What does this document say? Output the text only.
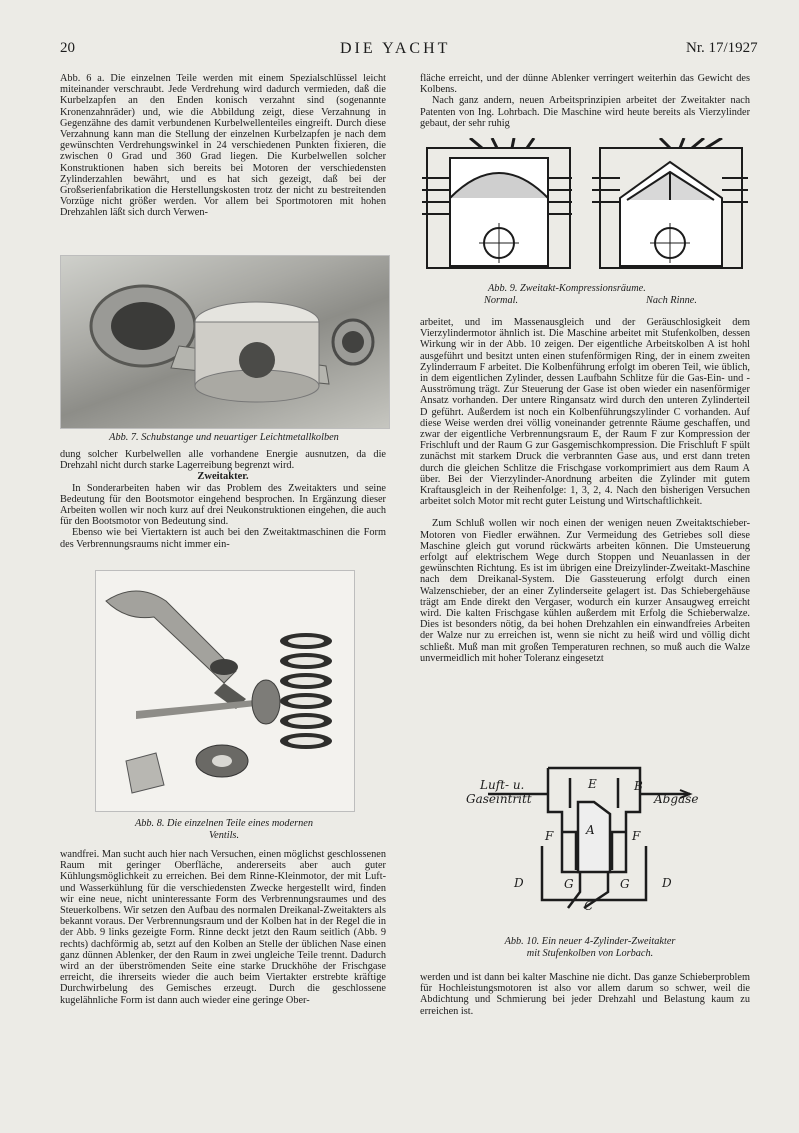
20	DIE YACHT	Nr. 17/1927

Abb. 6 a. Die einzelnen Teile werden mit einem Spezialschlüssel leicht miteinander verschraubt. Jede Verdrehung wird dadurch vermieden, daß die Kurbelzapfen an den Enden konisch verzahnt sind (sogenannte Kronenzahnräder) und, wie die Abbildung zeigt, diese Verzahnung in Gegenzähne des damit verbundenen Kurbelwellenteiles eingreift. Durch diese Verzahnung kann man die Stellung der einzelnen Kurbelzapfen je nach dem gewünschten Verdrehungswinkel in 24 verschiedenen Punkten fixieren, die zwischen 0 Grad und 360 Grad liegen. Die Kurbelwellen solcher Konstruktionen haben sich bereits bei Motoren der verschiedensten Zylinderzahlen bewährt, und es hat sich gezeigt, daß bei der Großserienfabrikation die Herstellungskosten trotz der nicht zu bestreitenden Vorzüge nicht größer werden. Vor allem bei Sportmotoren mit hohen Drehzahlen läßt sich durch Verwen-

Abb. 7. Schubstange und neuartiger Leichtmetallkolben

dung solcher Kurbelwellen alle vorhandene Energie ausnutzen, da die Drehzahl nicht durch starke Lagerreibung begrenzt wird.

Zweitakter.

In Sonderarbeiten haben wir das Problem des Zweitakters und seine Bedeutung für den Bootsmotor eingehend besprochen. In Ergänzung dieser Arbeiten wollen wir noch kurz auf drei Neukonstruktionen eingehen, die auch für den Bootsmotor von Bedeutung sind.

Ebenso wie bei Viertaktern ist auch bei den Zweitaktmaschinen die Form des Verbrennungsraums nicht immer ein-

Abb. 8. Die einzelnen Teile eines modernen
Ventils.

wandfrei. Man sucht auch hier nach Versuchen, einen möglichst geschlossenen Raum mit geringer Oberfläche, andererseits aber auch guter Kühlungsmöglichkeit zu erreichen. Bei dem Rinne-Kleinmotor, der mit Luft- und Wasserkühlung für die verschiedensten Zwecke hergestellt wird, finden wir eine neue, nicht uninteressante Form des Verbrennungsraumes und des Steuerkolbens. Wir setzen den Aufbau des normalen Dreikanal-Zweitakters als bekannt voraus. Der Verbrennungsraum und der Kolben hat in der Regel die in der Abb. 9 links gezeigte Form. Rinne deckt jetzt den Raum seitlich (Abb. 9 rechts) dachförmig ab, setzt auf den Kolben an Stelle der üblichen Nase einen ganz dünnen Ablenker, der den Raum in zwei ungleiche Teile trennt. Dadurch wird an der überströmenden Seite eine starke Druckhöhe der Frischgase erreicht, die ihrerseits wieder die auch beim Viertakter erstrebte kräftige Durchwirbelung des Gemisches erzeugt. Durch die geschlossene kugelähnliche Form ist dann auch wieder eine geringe Ober-

fläche erreicht, und der dünne Ablenker verringert weiterhin das Gewicht des Kolbens.

Nach ganz andern, neuen Arbeitsprinzipien arbeitet der Zweitakter nach Patenten von Ing. Lohrbach. Die Maschine wird heute bereits als Vierzylinder gebaut, der sehr ruhig

Abb. 9. Zweitakt-Kompressionsräume.
Normal.	Nach Rinne.

arbeitet, und im Massenausgleich und der Geräuschlosigkeit dem Vierzylindermotor ähnlich ist. Die Maschine arbeitet mit Stufenkolben, dessen Wirkung wir in der Abb. 10 zeigen. Der eigentliche Arbeitskolben A ist hohl ausgeführt und besitzt unten einen stufenförmigen Ring, der in einem zweiten Zylinderraum F arbeitet. Die Kolbenführung erfolgt im oberen Teil, wie üblich, in dem eigentlichen Zylinder, dessen Laufbahn Schlitze für die Gas-Ein- und -Ausströmung trägt. Zur Steuerung der Gase ist oben wieder ein nasenförmiger Ansatz vorhanden. Der untere Ringansatz wird durch den unteren Zylinderteil D geführt. Außerdem ist noch ein Kolbenführungszylinder C vorhanden. Auf diese Weise werden drei völlig voneinander getrennte Räume geschaffen, und zwar der eigentliche Verbrennungsraum E, der Raum F zur Kompression der Frischluft und der Raum G zur Gasgemischkompression. Die Frischluft F spült zunächst mit starkem Druck die verbrannten Gase aus, und erst dann treten durch die gleichen Schlitze die Frischgase vorkomprimiert aus dem Raum A über. Bei der Vierzylinder-Anordnung arbeiten die Zylinder mit gutem Kraftausgleich in der Reihenfolge: 1, 3, 2, 4. Nach den bisherigen Versuchen arbeitet solch Motor mit recht guter Leistung und Wirtschaftlichkeit.

Zum Schluß wollen wir noch einen der wenigen neuen Zweitaktschieber-Motoren von Fiedler erwähnen. Zur Vermeidung des Getriebes soll diese Maschine gleich gut vorund rückwärts arbeiten können. Die Umsteuerung erfolgt auf elektrischem Wege durch Stoppen und Neuanlassen in der gewünschten Richtung. Es ist im übrigen eine Dreizylinder-Zweitakt-Maschine nach dem Dreikanal-System. Die Gassteuerung erfolgt durch einen Walzenschieber, der an einer Zylinderseite gelagert ist. Das Schiebergehäuse trägt am Ende direkt den Vergaser, wodurch ein kurzer Ansaugweg erreicht wird. Die kalten Frischgase kühlen außerdem mit Erfolg die Schieberwalze. Dies ist besonders nötig, da bei hohen Drehzahlen ein einwandfreies Arbeiten der Walze nur zu erreichen ist, wenn sie nicht zu heiß wird und völlig dicht schließt. Muß man mit großen Temperaturen rechnen, so muß auch die Walze unvermeidlich mit hoher Toleranz eingesetzt

Luft- u.
Gaseintritt	Abgase
E	B
A
F	F
D	G	G	D
C
Abb. 10. Ein neuer 4-Zylinder-Zweitakter
mit Stufenkolben von Lorbach.

werden und ist dann bei kalter Maschine nie dicht. Das ganze Schieberproblem für Hochleistungsmotoren ist also vor allem darum so schwer, weil die Abdichtung und Schmierung bei jeder Drehzahl und Belastung kaum zu erreichen ist.
